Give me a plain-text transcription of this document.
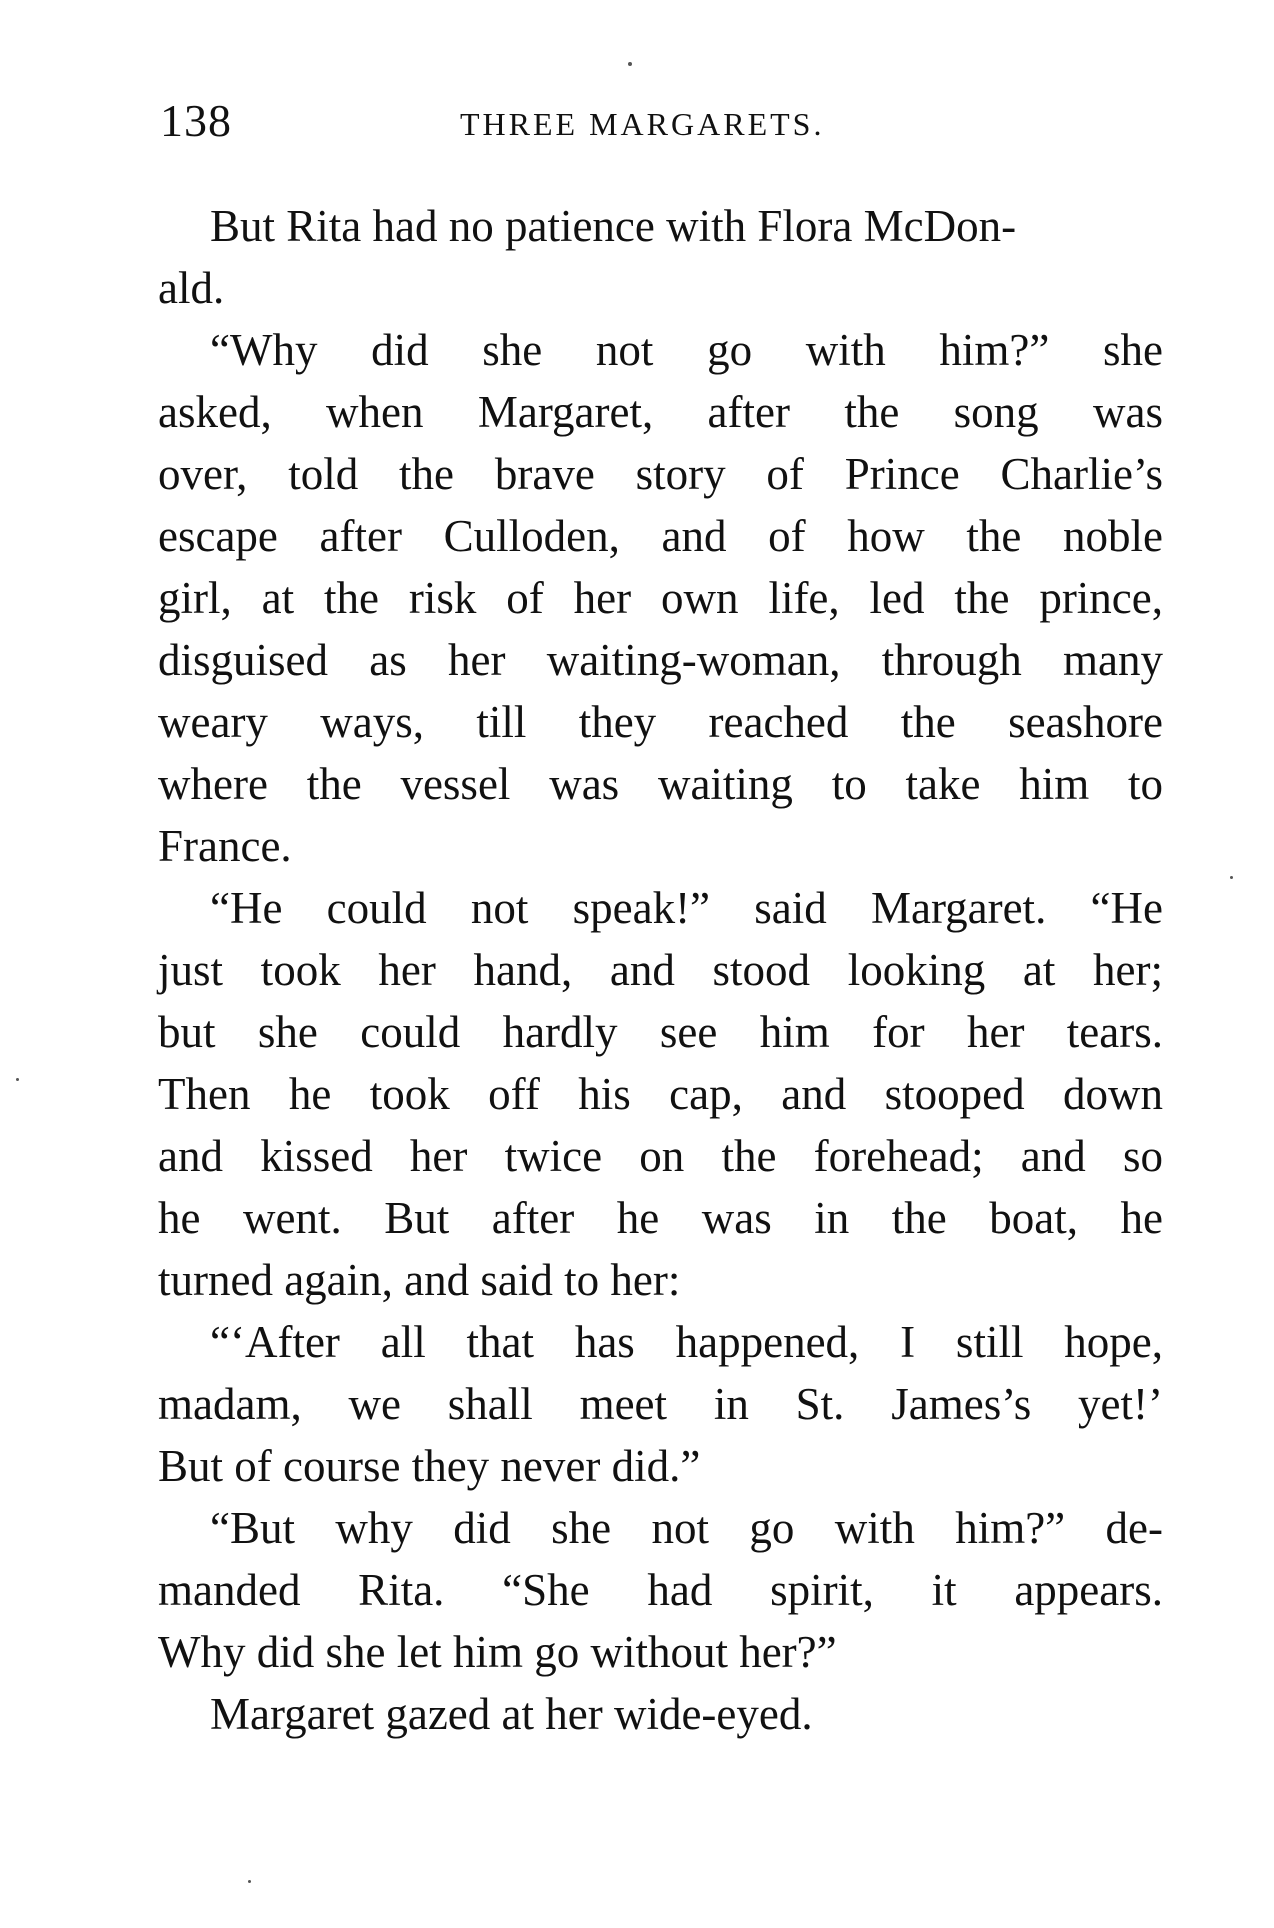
138	THREE MARGARETS.
But Rita had no patience with Flora McDon-
ald.
“Why did she not go with him?” she
asked, when Margaret, after the song was
over, told the brave story of Prince Charlie’s
escape after Culloden, and of how the noble
girl, at the risk of her own life, led the prince,
disguised as her waiting-woman, through many
weary ways, till they reached the seashore
where the vessel was waiting to take him to
France.
“He could not speak!” said Margaret. “He
just took her hand, and stood looking at her;
but she could hardly see him for her tears.
Then he took off his cap, and stooped down
and kissed her twice on the forehead; and so
he went. But after he was in the boat, he
turned again, and said to her:
“‘After all that has happened, I still hope,
madam, we shall meet in St. James’s yet!’
But of course they never did.”
“But why did she not go with him?” de-
manded Rita. “She had spirit, it appears.
Why did she let him go without her?”
Margaret gazed at her wide-eyed.
